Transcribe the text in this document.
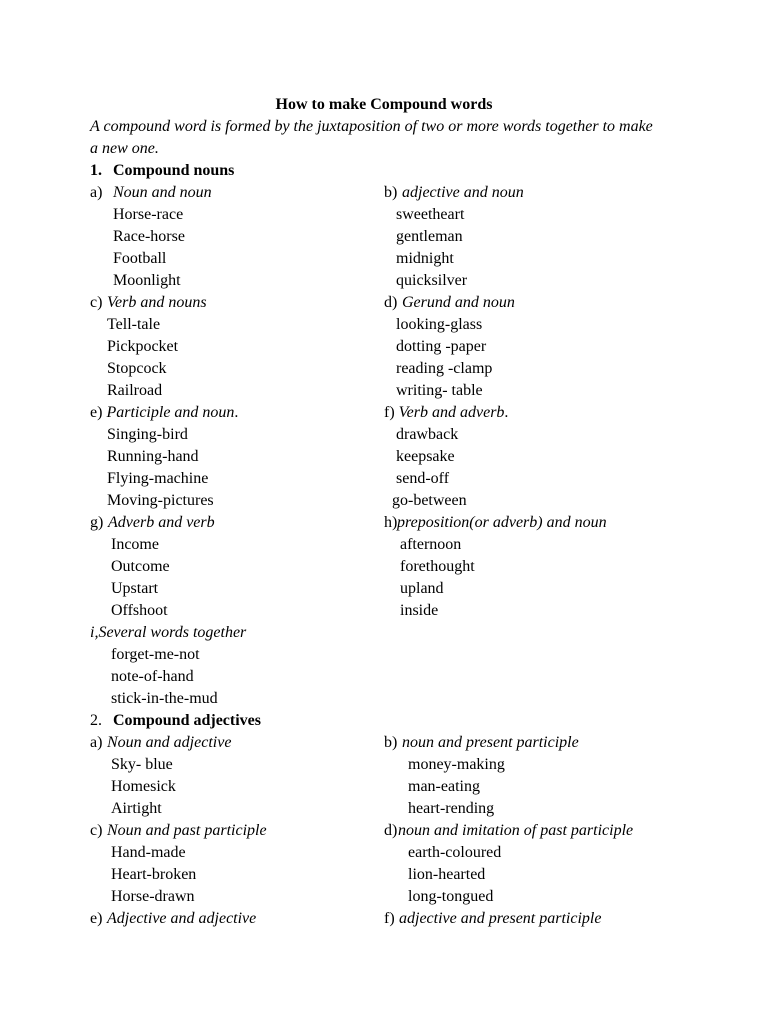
How to make Compound words
A compound word is formed by the juxtaposition of two or more words together to make
a new one.
1. Compound nouns
a) Noun and noun
Horse-race
Race-horse
Football
Moonlight
b) adjective and noun
sweetheart
gentleman
midnight
quicksilver
c) Verb and nouns
Tell-tale
Pickpocket
Stopcock
Railroad
d) Gerund and noun
looking-glass
dotting -paper
reading -clamp
writing- table
e) Participle and noun.
Singing-bird
Running-hand
Flying-machine
Moving-pictures
f) Verb and adverb.
drawback
keepsake
send-off
go-between
g) Adverb and verb
Income
Outcome
Upstart
Offshoot
h) preposition(or adverb) and noun
afternoon
forethought
upland
inside
i,Several words together
forget-me-not
note-of-hand
stick-in-the-mud
2. Compound adjectives
a) Noun and adjective
Sky- blue
Homesick
Airtight
b) noun and present participle
money-making
man-eating
heart-rending
c) Noun and past participle
Hand-made
Heart-broken
Horse-drawn
d) noun and imitation of past participle
earth-coloured
lion-hearted
long-tongued
e) Adjective and adjective	f) adjective and present participle
